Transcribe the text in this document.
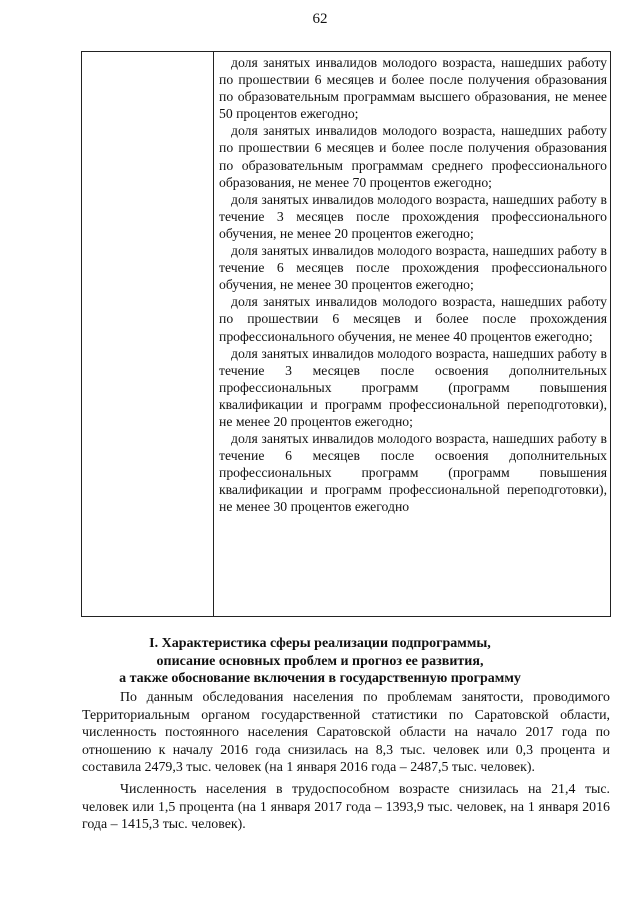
62

доля занятых инвалидов молодого возраста, нашедших работу по прошествии 6 месяцев и более после получения образования по образовательным программам высшего образования, не менее 50 процентов ежегодно;

доля занятых инвалидов молодого возраста, нашедших работу по прошествии 6 месяцев и более после получения образования по образовательным программам среднего профессионального образования, не менее 70 процентов ежегодно;

доля занятых инвалидов молодого возраста, нашедших работу в течение 3 месяцев после прохождения профессионального обучения, не менее 20 процентов ежегодно;

доля занятых инвалидов молодого возраста, нашедших работу в течение 6 месяцев после прохождения профессионального обучения, не менее 30 процентов ежегодно;

доля занятых инвалидов молодого возраста, нашедших работу по прошествии 6 месяцев и более после прохождения профессионального обучения, не менее 40 процентов ежегодно;

доля занятых инвалидов молодого возраста, нашедших работу в течение 3 месяцев после освоения дополнительных профессиональных программ (программ повышения квалификации и программ профессиональной переподготовки), не менее 20 процентов ежегодно;

доля занятых инвалидов молодого возраста, нашедших работу в течение 6 месяцев после освоения дополнительных профессиональных программ (программ повышения квалификации и программ профессиональной переподготовки), не менее 30 процентов ежегодно

I. Характеристика сферы реализации подпрограммы,
описание основных проблем и прогноз ее развития,
а также обоснование включения в государственную программу

По данным обследования населения по проблемам занятости, проводимого Территориальным органом государственной статистики по Саратовской области, численность постоянного населения Саратовской области на начало 2017 года по отношению к началу 2016 года снизилась на 8,3 тыс. человек или 0,3 процента и составила 2479,3 тыс. человек (на 1 января 2016 года – 2487,5 тыс. человек).

Численность населения в трудоспособном возрасте снизилась на 21,4 тыс. человек или 1,5 процента (на 1 января 2017 года – 1393,9 тыс. человек, на 1 января 2016 года – 1415,3 тыс. человек).
